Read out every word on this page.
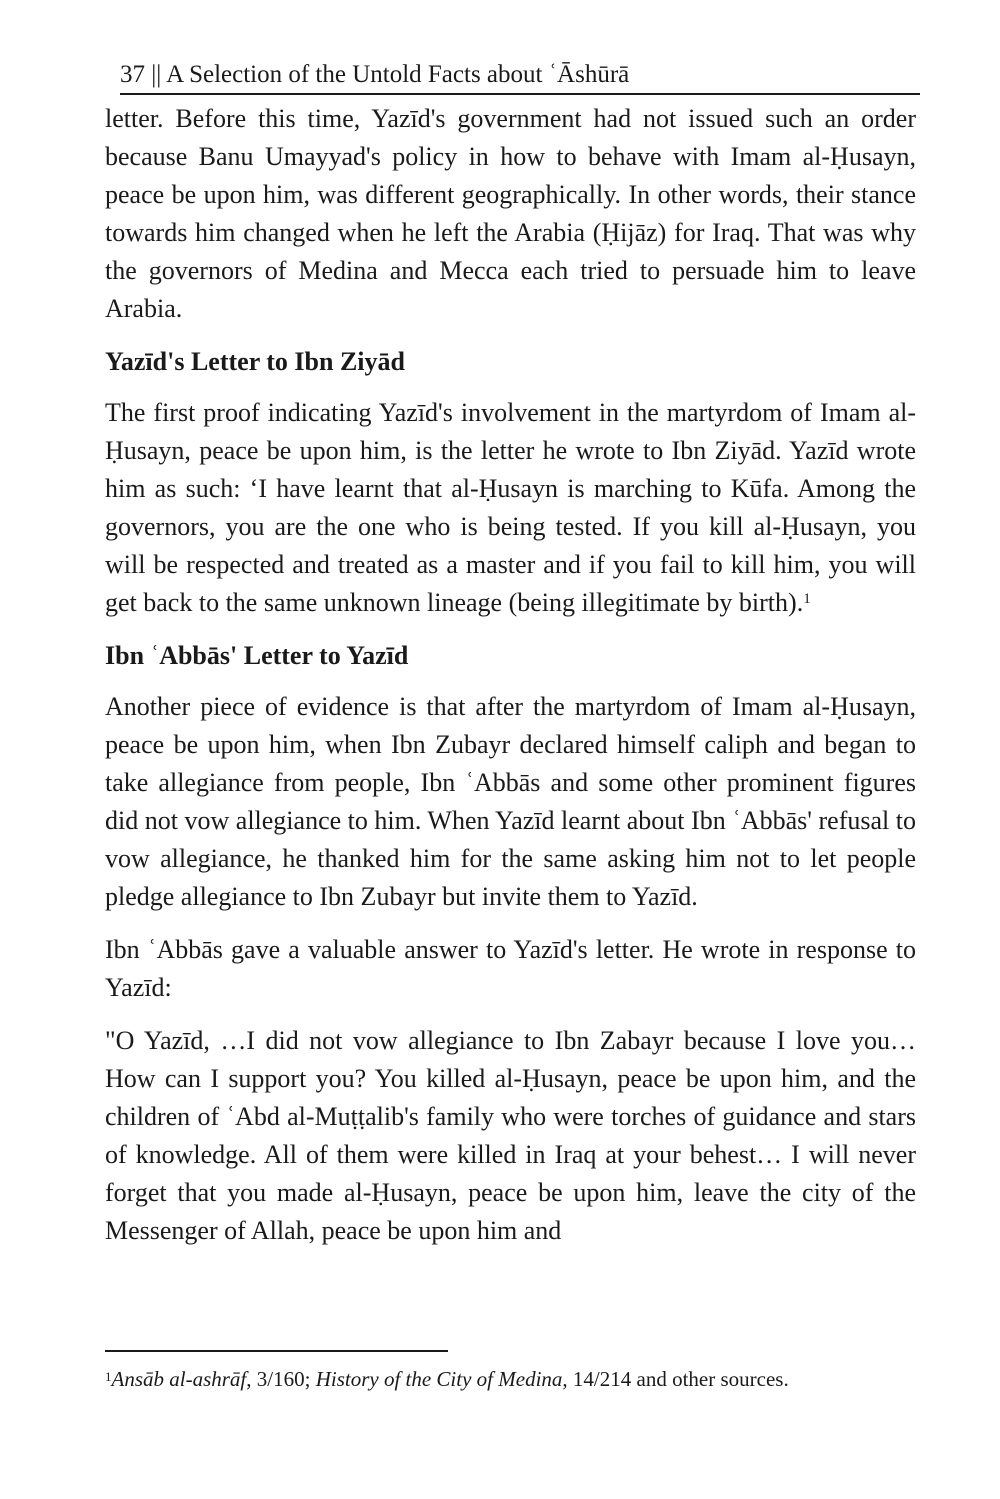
37 || A Selection of the Untold Facts about ʿĀshūrā

letter. Before this time, Yazīd's government had not issued such an order because Banu Umayyad's policy in how to behave with Imam al-Ḥusayn, peace be upon him, was different geographically. In other words, their stance towards him changed when he left the Arabia (Ḥijāz) for Iraq. That was why the governors of Medina and Mecca each tried to persuade him to leave Arabia.

Yazīd's Letter to Ibn Ziyād

The first proof indicating Yazīd's involvement in the martyrdom of Imam al-Ḥusayn, peace be upon him, is the letter he wrote to Ibn Ziyād. Yazīd wrote him as such: ‘I have learnt that al-Ḥusayn is marching to Kūfa. Among the governors, you are the one who is being tested. If you kill al-Ḥusayn, you will be respected and treated as a master and if you fail to kill him, you will get back to the same unknown lineage (being illegitimate by birth).$^1$

Ibn ʿAbbās' Letter to Yazīd

Another piece of evidence is that after the martyrdom of Imam al-Ḥusayn, peace be upon him, when Ibn Zubayr declared himself caliph and began to take allegiance from people, Ibn ʿAbbās and some other prominent figures did not vow allegiance to him. When Yazīd learnt about Ibn ʿAbbās' refusal to vow allegiance, he thanked him for the same asking him not to let people pledge allegiance to Ibn Zubayr but invite them to Yazīd.

Ibn ʿAbbās gave a valuable answer to Yazīd's letter. He wrote in response to Yazīd:

"O Yazīd, …I did not vow allegiance to Ibn Zabayr because I love you… How can I support you? You killed al-Ḥusayn, peace be upon him, and the children of ʿAbd al-Muṭṭalib's family who were torches of guidance and stars of knowledge. All of them were killed in Iraq at your behest… I will never forget that you made al-Ḥusayn, peace be upon him, leave the city of the Messenger of Allah, peace be upon him and

$^1$Ansāb al-ashrāf, 3/160; History of the City of Medina, 14/214 and other sources.
